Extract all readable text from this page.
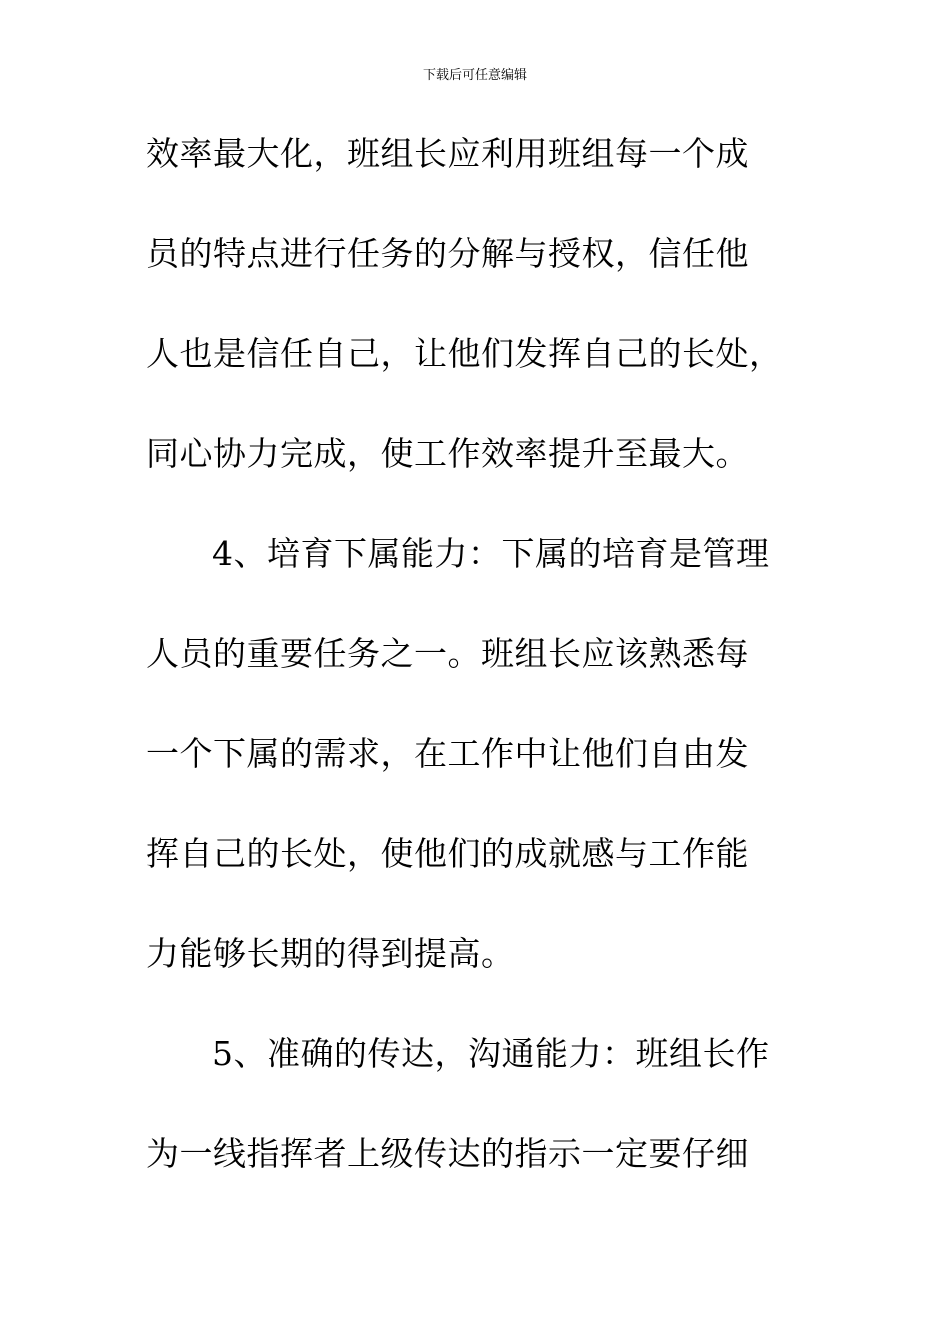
下载后可任意编辑
效率最大化，班组长应利用班组每一个成
员的特点进行任务的分解与授权，信任他
人也是信任自己，让他们发挥自己的长处，
同心协力完成，使工作效率提升至最大。
4、培育下属能力：下属的培育是管理
人员的重要任务之一。班组长应该熟悉每
一个下属的需求，在工作中让他们自由发
挥自己的长处，使他们的成就感与工作能
力能够长期的得到提高。
5、准确的传达，沟通能力：班组长作
为一线指挥者上级传达的指示一定要仔细
